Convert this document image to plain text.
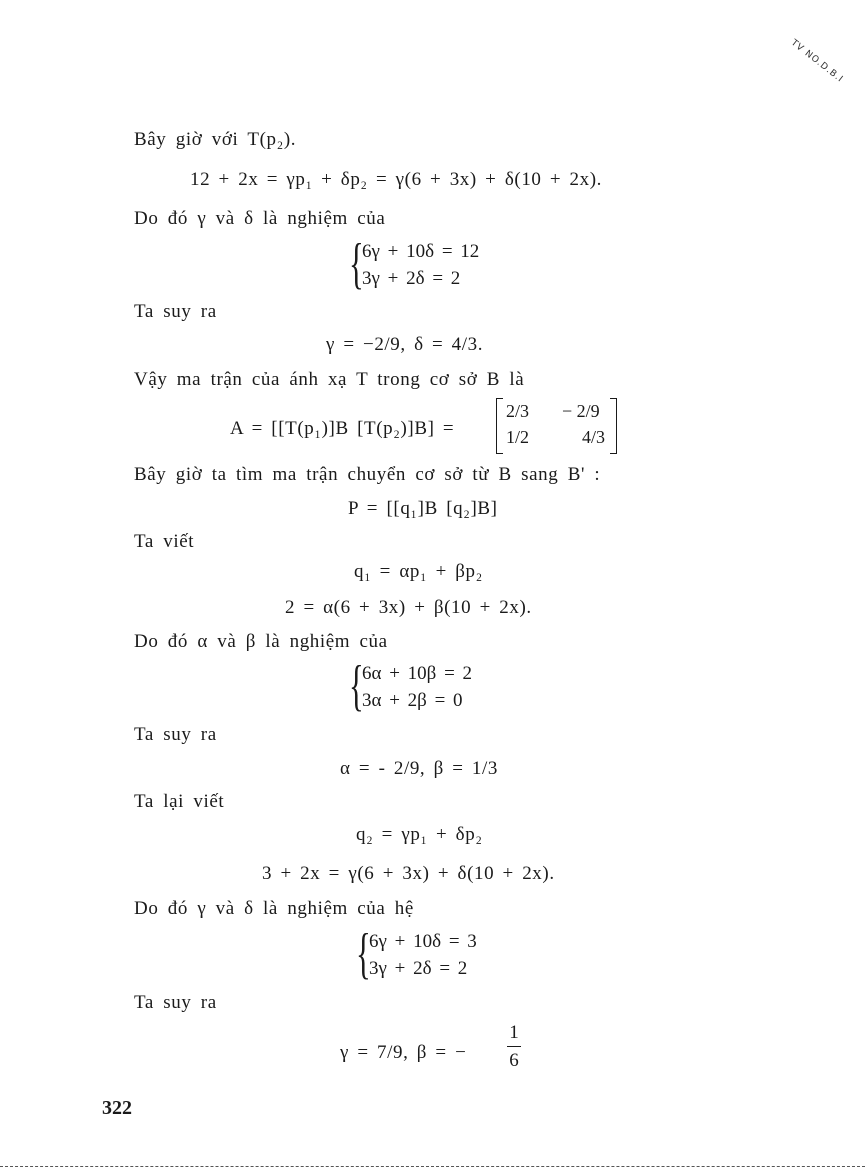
TV NO.D.B.I
Bây giờ với T(p₂).
12 + 2x = γp₁ + δp₂ = γ(6 + 3x) + δ(10 + 2x).
Do đó γ và δ là nghiệm của
{
6γ + 10δ = 12
3γ + 2δ = 2
Ta suy ra
γ = −2/9, δ = 4/3.
Vậy ma trận của ánh xạ T trong cơ sở B là
A = [[T(p₁)]B [T(p₂)]B] =
2/3 − 2/9
1/2	4/3
Bây giờ ta tìm ma trận chuyển cơ sở từ B sang B' :
P = [[q₁]B [q₂]B]
Ta viết
q₁ = αp₁ + βp₂
2 = α(6 + 3x) + β(10 + 2x).
Do đó α và β là nghiệm của
{
6α + 10β = 2
3α + 2β = 0
Ta suy ra
α = - 2/9, β = 1/3
Ta lại viết
q₂ = γp₁ + δp₂
3 + 2x = γ(6 + 3x) + δ(10 + 2x).
Do đó γ và δ là nghiệm của hệ
{
6γ + 10δ = 3
3γ + 2δ = 2
Ta suy ra
γ = 7/9, β = −
1
6
322
